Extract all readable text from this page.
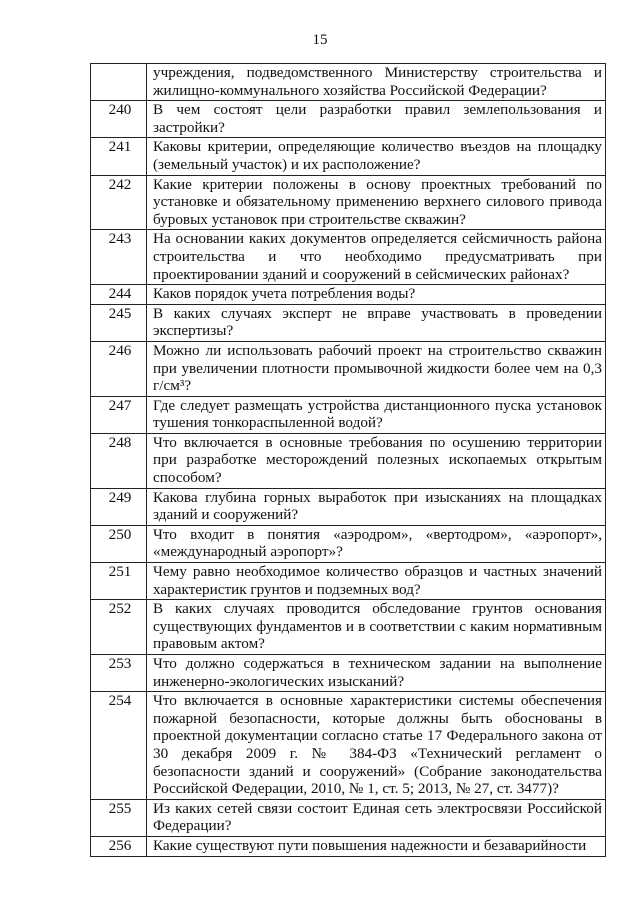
15
	учреждения, подведомственного Министерству строительства и жилищно-коммунального хозяйства Российской Федерации?
240	В чем состоят цели разработки правил землепользования и застройки?
241	Каковы критерии, определяющие количество въездов на площадку (земельный участок) и их расположение?
242	Какие критерии положены в основу проектных требований по установке и обязательному применению верхнего силового привода буровых установок при строительстве скважин?
243	На основании каких документов определяется сейсмичность района строительства и что необходимо предусматривать при проектировании зданий и сооружений в сейсмических районах?
244	Каков порядок учета потребления воды?
245	В каких случаях эксперт не вправе участвовать в проведении экспертизы?
246	Можно ли использовать рабочий проект на строительство скважин при увеличении плотности промывочной жидкости более чем на 0,3 г/см³?
247	Где следует размещать устройства дистанционного пуска установок тушения тонкораспыленной водой?
248	Что включается в основные требования по осушению территории при разработке месторождений полезных ископаемых открытым способом?
249	Какова глубина горных выработок при изысканиях на площадках зданий и сооружений?
250	Что входит в понятия «аэродром», «вертодром», «аэропорт», «международный аэропорт»?
251	Чему равно необходимое количество образцов и частных значений характеристик грунтов и подземных вод?
252	В каких случаях проводится обследование грунтов основания существующих фундаментов и в соответствии с каким нормативным правовым актом?
253	Что должно содержаться в техническом задании на выполнение инженерно-экологических изысканий?
254	Что включается в основные характеристики системы обеспечения пожарной безопасности, которые должны быть обоснованы в проектной документации согласно статье 17 Федерального закона от 30 декабря 2009 г. № 384-ФЗ «Технический регламент о безопасности зданий и сооружений» (Собрание законодательства Российской Федерации, 2010, № 1, ст. 5; 2013, № 27, ст. 3477)?
255	Из каких сетей связи состоит Единая сеть электросвязи Российской Федерации?
256	Какие существуют пути повышения надежности и безаварийности
